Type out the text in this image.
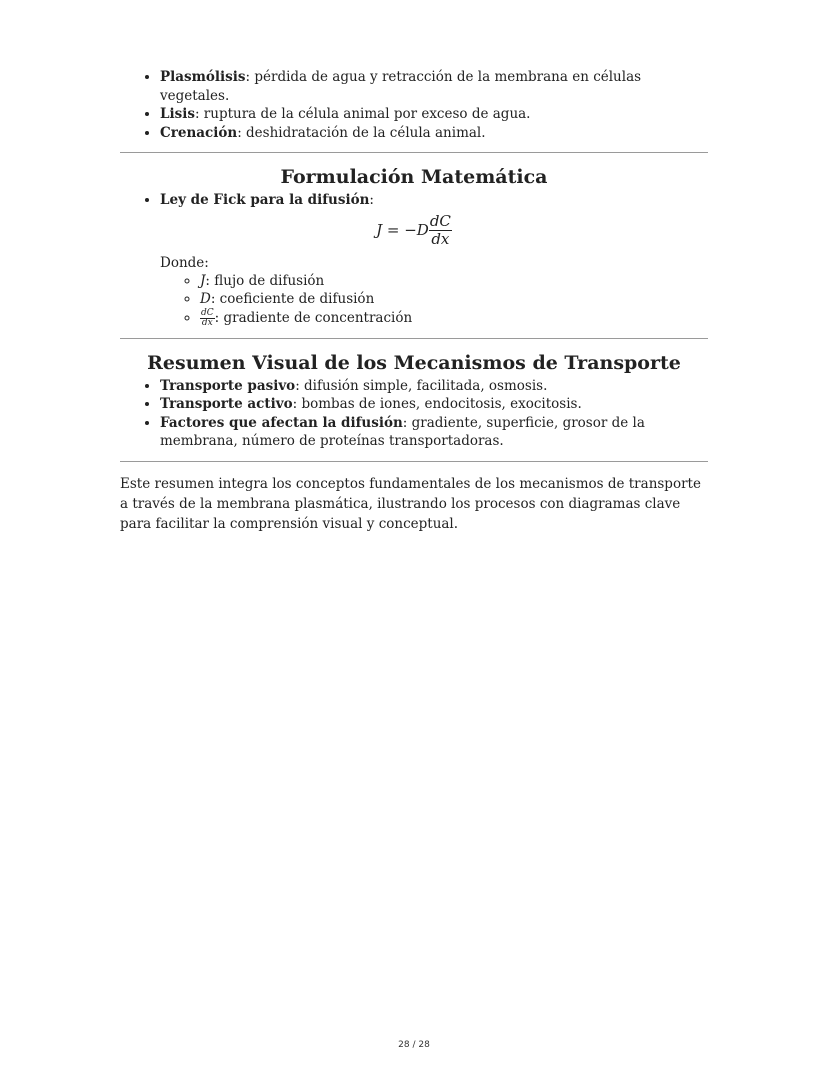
• Plasmólisis: pérdida de agua y retracción de la membrana en células vegetales.
• Lisis: ruptura de la célula animal por exceso de agua.
• Crenación: deshidratación de la célula animal.
Formulación Matemática
• Ley de Fick para la difusión:
$J = -D \frac{dC}{dx}$
Donde:
◦ J: flujo de difusión
◦ D: coeficiente de difusión
◦ $\frac{dC}{dx}$ : gradiente de concentración
Resumen Visual de los Mecanismos de Transporte
• Transporte pasivo: difusión simple, facilitada, osmosis.
• Transporte activo: bombas de iones, endocitosis, exocitosis.
• Factores que afectan la difusión: gradiente, superficie, grosor de la membrana, número de proteínas transportadoras.

Este resumen integra los conceptos fundamentales de los mecanismos de transporte a través de la membrana plasmática, ilustrando los procesos con diagramas clave para facilitar la comprensión visual y conceptual.

28 / 28
